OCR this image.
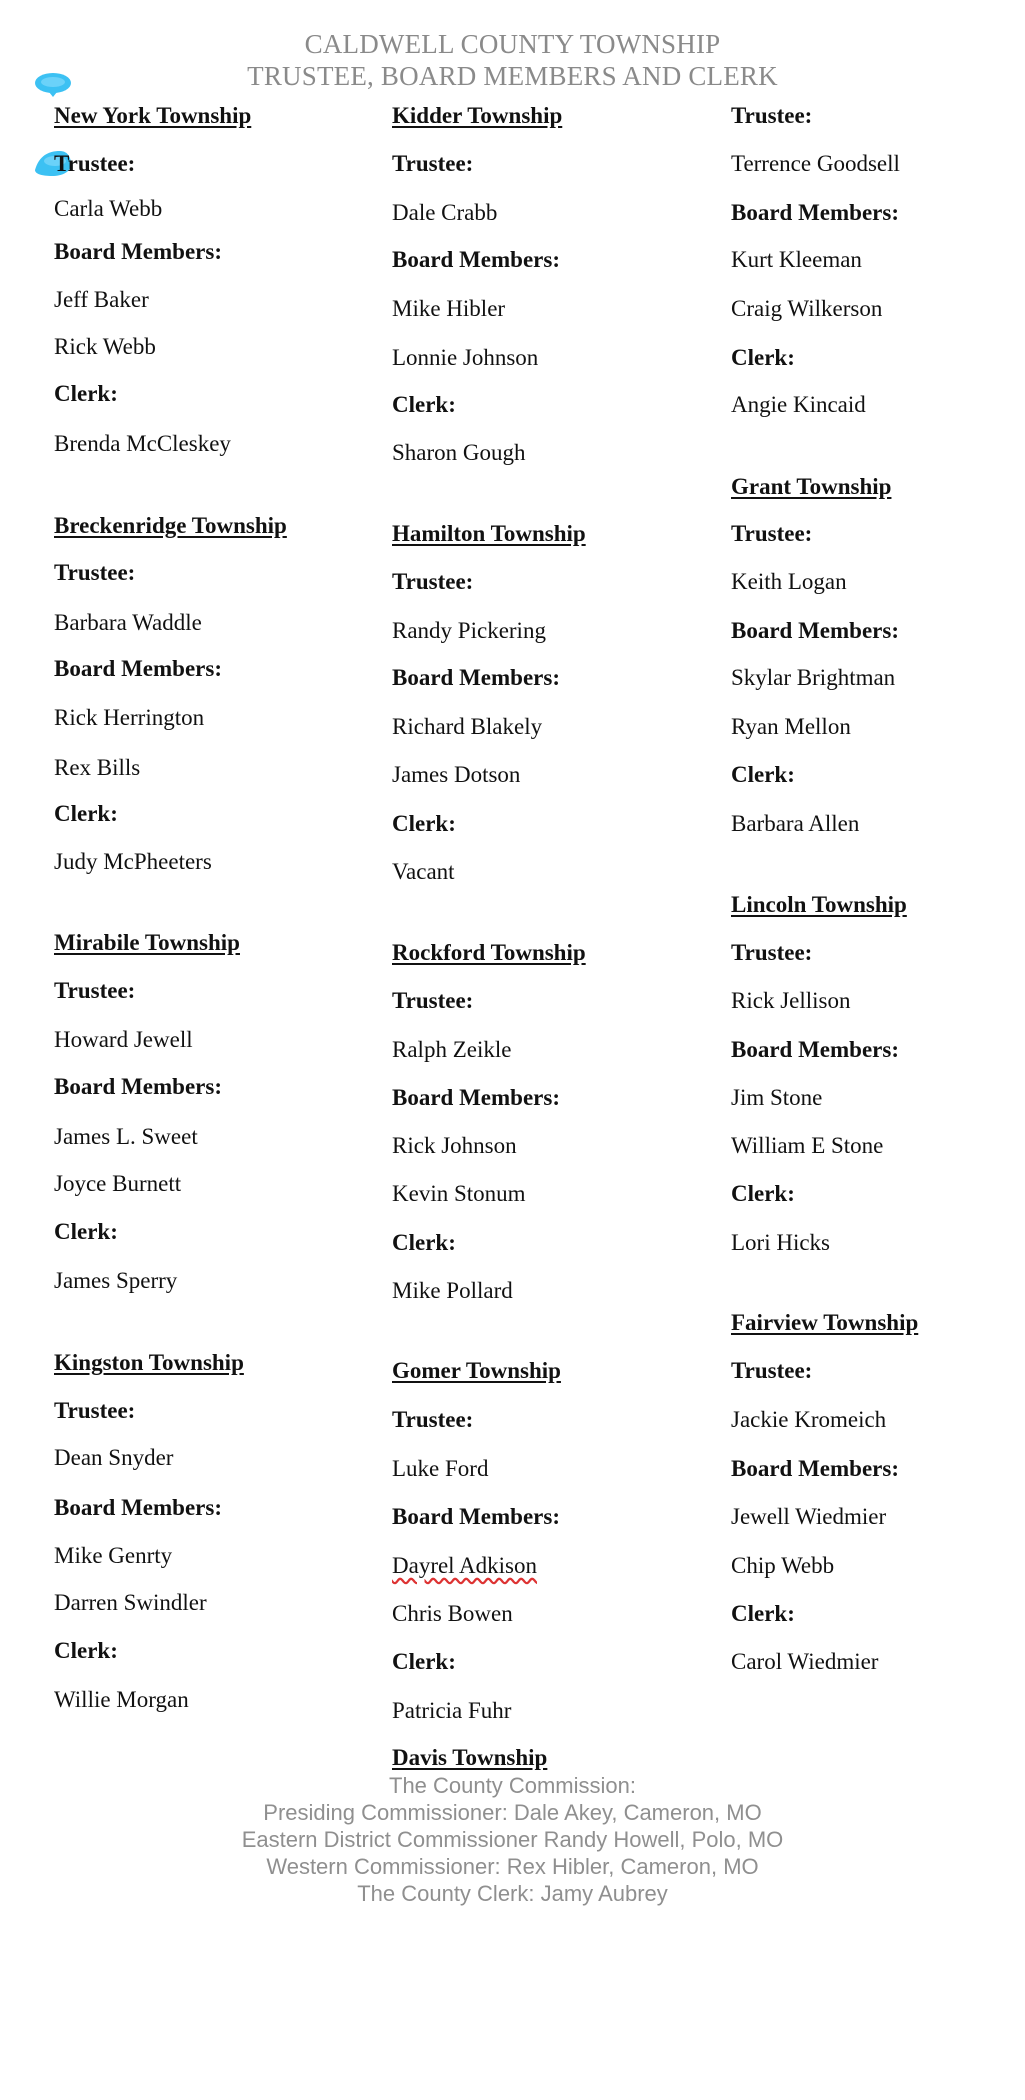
CALDWELL COUNTY TOWNSHIP
TRUSTEE, BOARD MEMBERS AND CLERK
New York Township
Trustee:
Carla Webb
Board Members:
Jeff Baker
Rick Webb
Clerk:
Brenda McCleskey
Breckenridge Township
Trustee:
Barbara Waddle
Board Members:
Rick Herrington
Rex Bills
Clerk:
Judy McPheeters
Mirabile Township
Trustee:
Howard Jewell
Board Members:
James L. Sweet
Joyce Burnett
Clerk:
James Sperry
Kingston Township
Trustee:
Dean Snyder
Board Members:
Mike Genrty
Darren Swindler
Clerk:
Willie Morgan
Kidder Township
Trustee:
Dale Crabb
Board Members:
Mike Hibler
Lonnie Johnson
Clerk:
Sharon Gough
Hamilton Township
Trustee:
Randy Pickering
Board Members:
Richard Blakely
James Dotson
Clerk:
Vacant
Rockford Township
Trustee:
Ralph Zeikle
Board Members:
Rick Johnson
Kevin Stonum
Clerk:
Mike Pollard
Gomer Township
Trustee:
Luke Ford
Board Members:
Dayrel Adkison
Chris Bowen
Clerk:
Patricia Fuhr
Davis Township
Trustee:
Terrence Goodsell
Board Members:
Kurt Kleeman
Craig Wilkerson
Clerk:
Angie Kincaid
Grant Township
Trustee:
Keith Logan
Board Members:
Skylar Brightman
Ryan Mellon
Clerk:
Barbara Allen
Lincoln Township
Trustee:
Rick Jellison
Board Members:
Jim Stone
William E Stone
Clerk:
Lori Hicks
Fairview Township
Trustee:
Jackie Kromeich
Board Members:
Jewell Wiedmier
Chip Webb
Clerk:
Carol Wiedmier
The County Commission:
Presiding Commissioner: Dale Akey, Cameron, MO
Eastern District Commissioner Randy Howell, Polo, MO
Western Commissioner: Rex Hibler, Cameron, MO
The County Clerk: Jamy Aubrey
